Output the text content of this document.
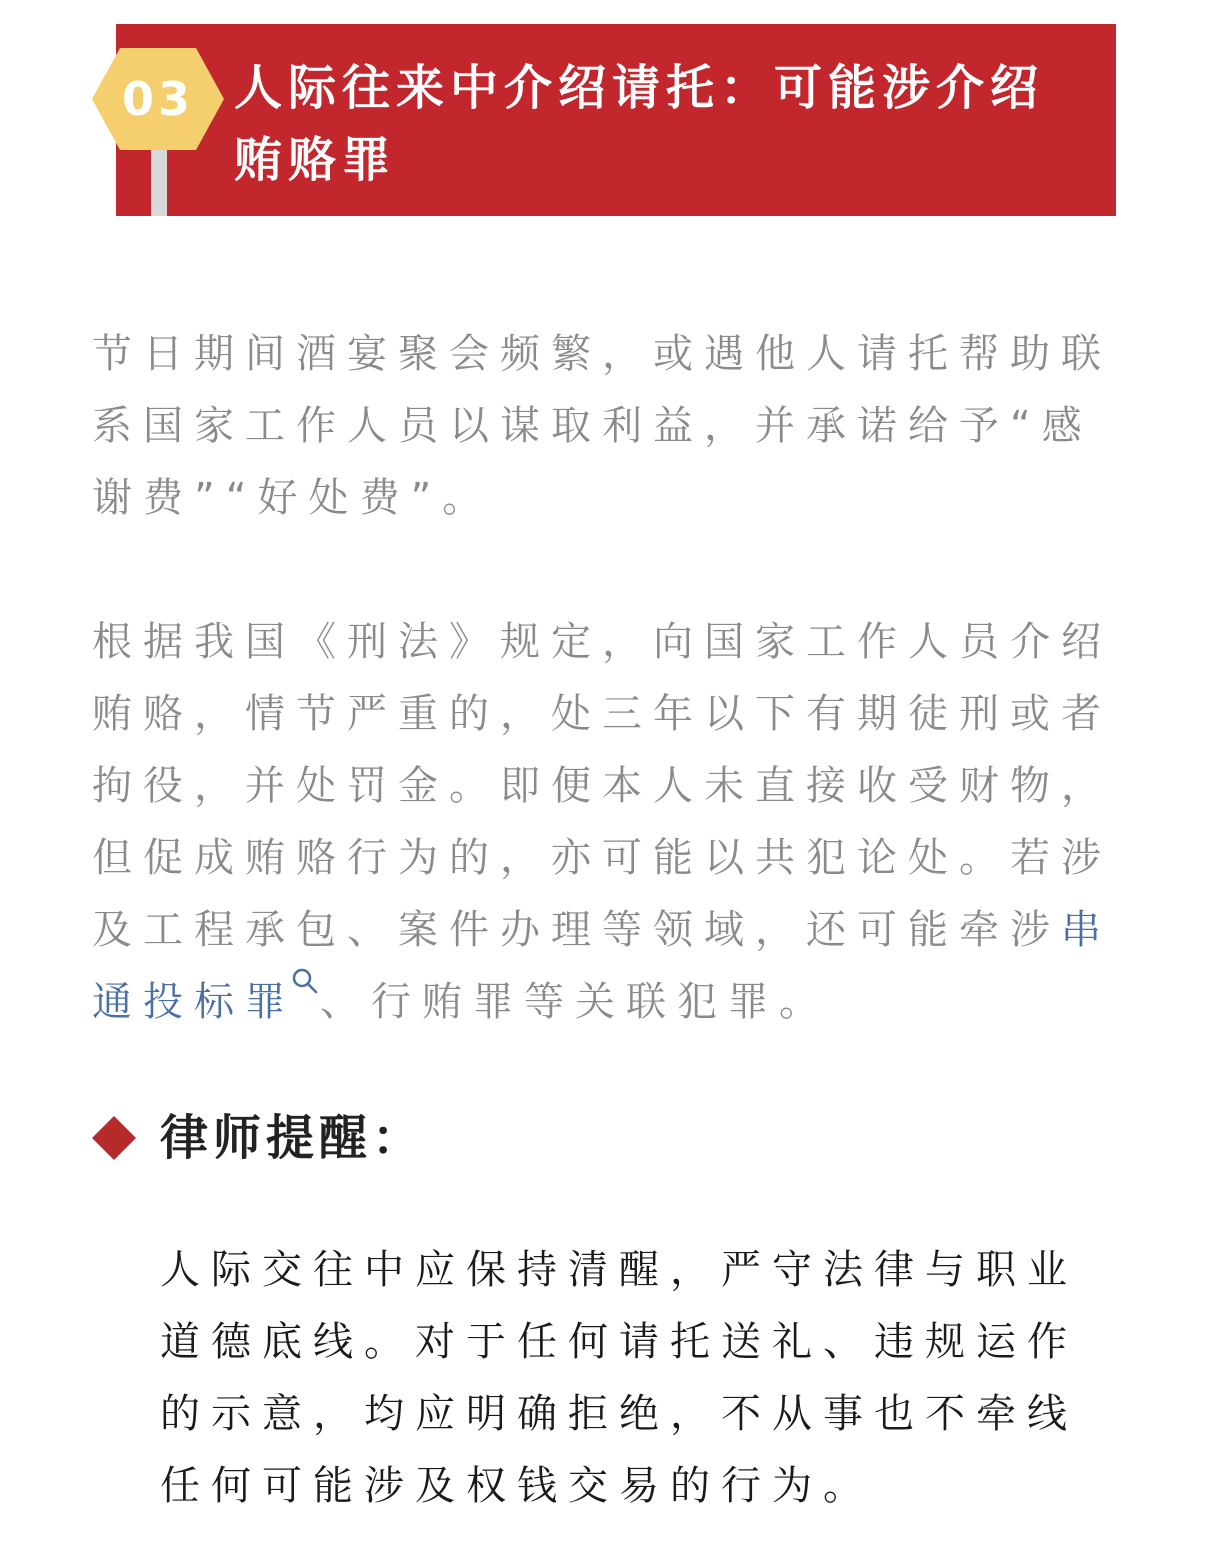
03 人际往来中介绍请托：可能涉介绍贿赂罪

节日期间酒宴聚会频繁，或遇他人请托帮助联系国家工作人员以谋取利益，并承诺给予“感谢费”“好处费”。

根据我国《刑法》规定，向国家工作人员介绍贿赂，情节严重的，处三年以下有期徒刑或者拘役，并处罚金。即便本人未直接收受财物，但促成贿赂行为的，亦可能以共犯论处。若涉及工程承包、案件办理等领域，还可能牵涉串通投标罪 、行贿罪等关联犯罪。

律师提醒：

人际交往中应保持清醒，严守法律与职业道德底线。对于任何请托送礼、违规运作的示意，均应明确拒绝，不从事也不牵线任何可能涉及权钱交易的行为。
